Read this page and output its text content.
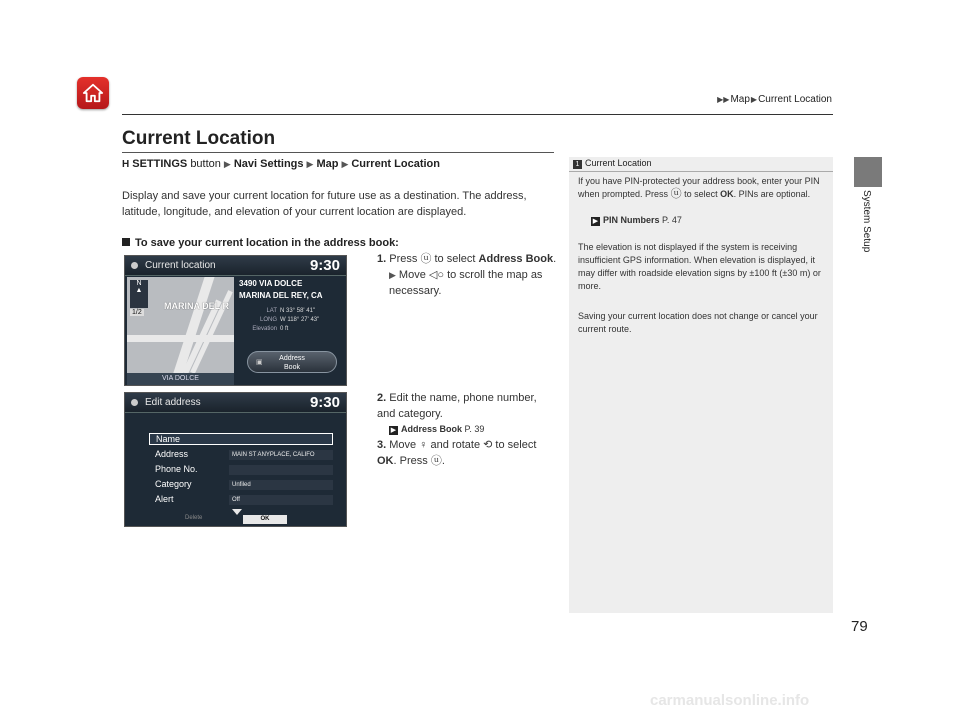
▶▶Map▶Current Location
System Setup
Current Location
H SETTINGS button ▶ Navi Settings ▶ Map ▶ Current Location
Display and save your current location for future use as a destination. The address, latitude, longitude, and elevation of your current location are displayed.
To save your current location in the address book:
Current location	9:30
N
▲
1/2
MARINA DEL R
VIA DOLCE
3490 VIA DOLCE
MARINA DEL REY, CA
LAT N 33° 58' 41"
LONG W 118° 27' 43"
Elevation 0 ft
▣
Address
Book
Edit address	9:30
Name
Address	MAIN ST ANYPLACE, CALIFO
Phone No.
Category	Unfiled
Alert	Off
Delete	OK
1. Press ⓤ to select Address Book.
▶ Move ◁○ to scroll the map as necessary.
2. Edit the name, phone number, and category.
▶ Address Book P. 39
3. Move ♀ and rotate ⟲ to select OK. Press ⓤ.
1 Current Location
If you have PIN-protected your address book, enter your PIN when prompted. Press ⓤ to select OK. PINs are optional.
▶ PIN Numbers P. 47
The elevation is not displayed if the system is receiving insufficient GPS information. When elevation is displayed, it may differ with roadside elevation signs by ±100 ft (±30 m) or more.
Saving your current location does not change or cancel your current route.
79
carmanualsonline.info
